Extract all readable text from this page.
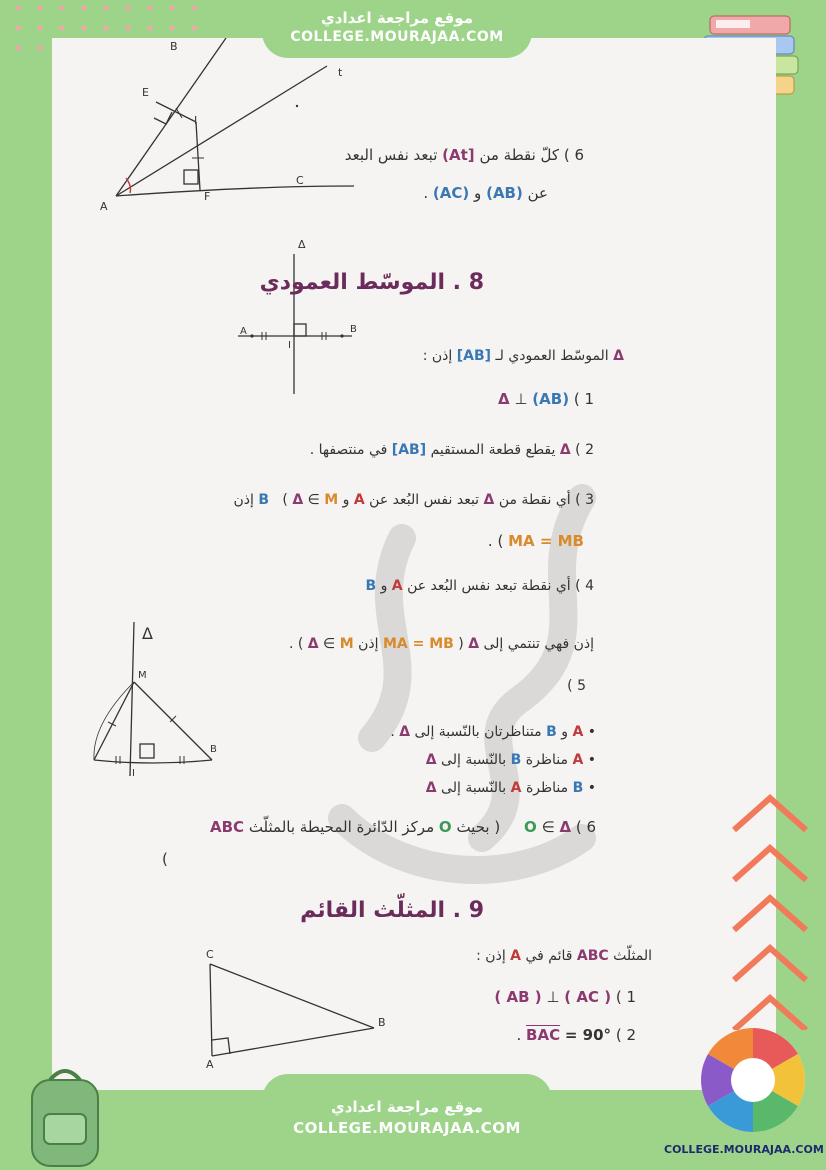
موقع مراجعة اعدادي
COLLEGE.MOURAJAA.COM
B
t
E
I
A
F
C
6 ) كلّ نقطة من [At) تبعد نفس البعد
عن (AB) و (AC) .
Δ
A	B
I
8 . الموسّط العمودي
Δ الموسّط العمودي لـ [AB] إذن :
1 ) (AB) ⊥ Δ
2 ) Δ يقطع قطعة المستقيم [AB] في منتصفها .
3 ) أي نقطة من Δ تبعد نفس البُعد عن A و B   ( Δ ∈ M إذن
MA = MB ) .
4 ) أي نقطة تبعد نفس البُعد عن A و B
إذن فهي تنتمي إلى Δ ( MA = MB إذن Δ ∈ M ) .
5 )
Δ
M
B
I
• A و B متناظرتان بالنّسبة إلى Δ .
• A مناظرة B بالنّسبة إلى Δ
• B مناظرة A بالنّسبة إلى Δ
6 ) O ∈ Δ     ( بحيث O مركز الدّائرة المحيطة بالمثلّث ABC
)
9 . المثلّث القائم
C
A
B
المثلّث ABC قائم في A إذن :
1 ) ( AC ) ⊥ ( AB )
2 ) $\overline{BAC} = 90^\circ$ .
موقع مراجعة اعدادي
COLLEGE.MOURAJAA.COM
COLLEGE.MOURAJAA.COM
